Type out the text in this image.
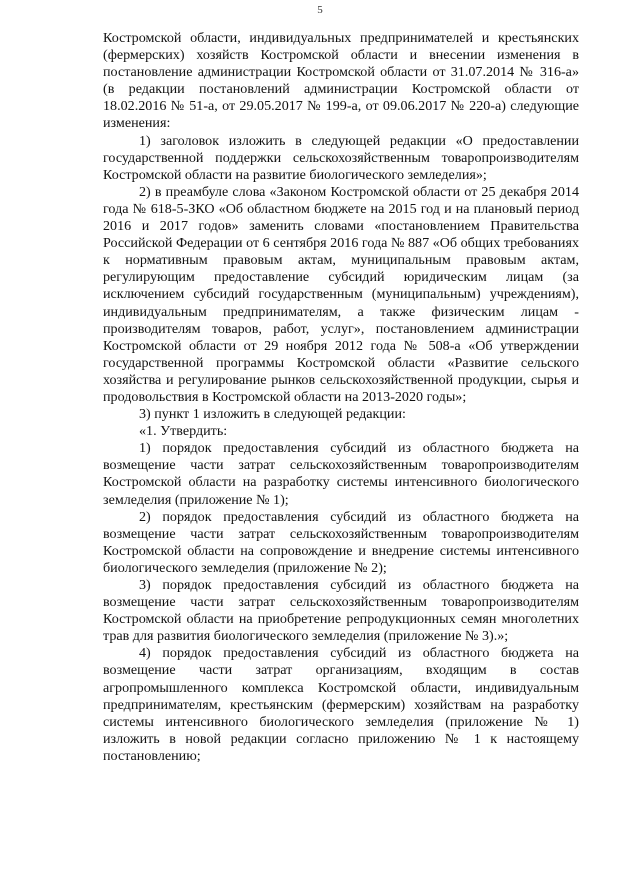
5

Костромской области, индивидуальных предпринимателей и крестьянских (фермерских) хозяйств Костромской области и внесении изменения в постановление администрации Костромской области от 31.07.2014 № 316-а» (в редакции постановлений администрации Костромской области от 18.02.2016 № 51-а, от 29.05.2017 № 199-а, от 09.06.2017 № 220-а) следующие изменения:

1) заголовок изложить в следующей редакции «О предоставлении государственной поддержки сельскохозяйственным товаропроизводителям Костромской области на развитие биологического земледелия»;

2) в преамбуле слова «Законом Костромской области от 25 декабря 2014 года № 618-5-ЗКО «Об областном бюджете на 2015 год и на плановый период 2016 и 2017 годов» заменить словами «постановлением Правительства Российской Федерации от 6 сентября 2016 года № 887 «Об общих требованиях к нормативным правовым актам, муниципальным правовым актам, регулирующим предоставление субсидий юридическим лицам (за исключением субсидий государственным (муниципальным) учреждениям), индивидуальным предпринимателям, а также физическим лицам - производителям товаров, работ, услуг», постановлением администрации Костромской области от 29 ноября 2012 года № 508-а «Об утверждении государственной программы Костромской области «Развитие сельского хозяйства и регулирование рынков сельскохозяйственной продукции, сырья и продовольствия в Костромской области на 2013-2020 годы»;

3) пункт 1 изложить в следующей редакции:

«1. Утвердить:

1) порядок предоставления субсидий из областного бюджета на возмещение части затрат сельскохозяйственным товаропроизводителям Костромской области на разработку системы интенсивного биологического земледелия (приложение № 1);

2) порядок предоставления субсидий из областного бюджета на возмещение части затрат сельскохозяйственным товаропроизводителям Костромской области на сопровождение и внедрение системы интенсивного биологического земледелия (приложение № 2);

3) порядок предоставления субсидий из областного бюджета на возмещение части затрат сельскохозяйственным товаропроизводителям Костромской области на приобретение репродукционных семян многолетних трав для развития биологического земледелия (приложение № 3).»;

4) порядок предоставления субсидий из областного бюджета на возмещение части затрат организациям, входящим в состав агропромышленного комплекса Костромской области, индивидуальным предпринимателям, крестьянским (фермерским) хозяйствам на разработку системы интенсивного биологического земледелия (приложение № 1) изложить в новой редакции согласно приложению № 1 к настоящему постановлению;
